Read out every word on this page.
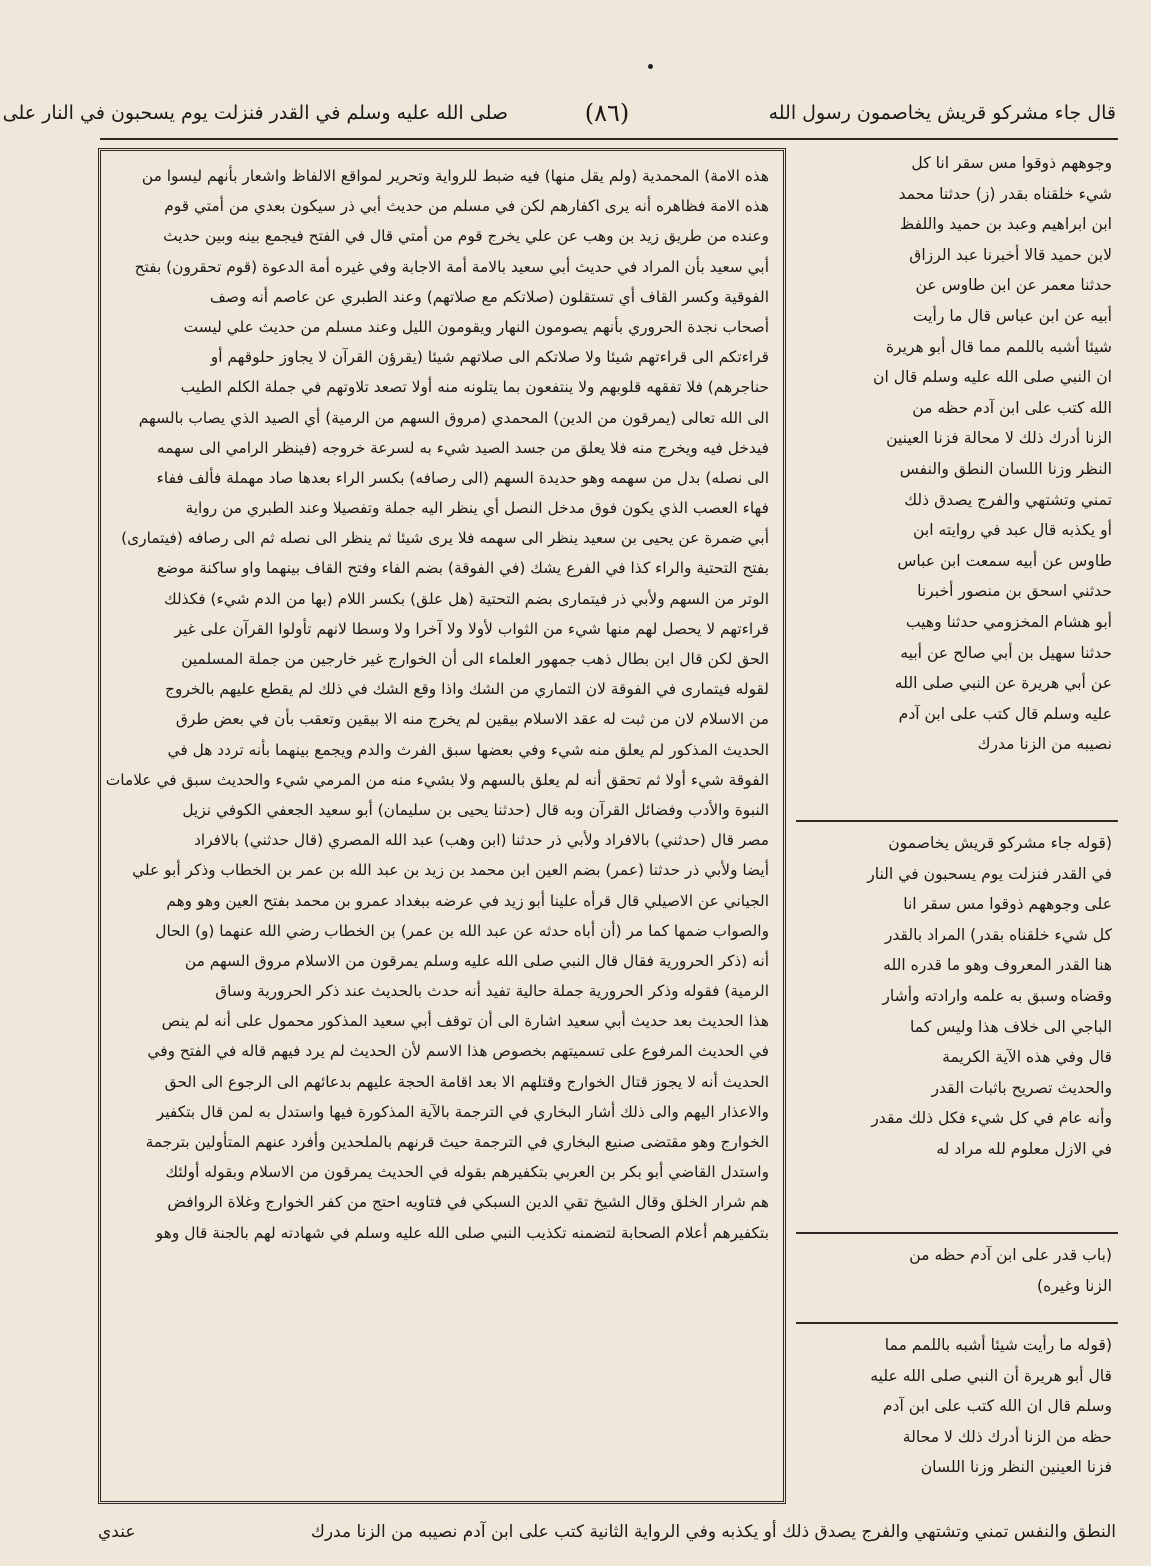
قال جاء مشركو قريش يخاصمون رسول الله
(٨٦)
صلى الله عليه وسلم في القدر فنزلت يوم يسحبون في النار على
هذه الامة) المحمدية (ولم يقل منها) فيه ضبط للرواية وتحرير لمواقع الالفاظ واشعار بأنهم ليسوا من
هذه الامة فظاهره أنه يرى اكفارهم لكن في مسلم من حديث أبي ذر سيكون بعدي من أمتي قوم
وعنده من طريق زيد بن وهب عن علي يخرج قوم من أمتي قال في الفتح فيجمع بينه وبين حديث
أبي سعيد بأن المراد في حديث أبي سعيد بالامة أمة الاجابة وفي غيره أمة الدعوة (قوم تحقرون) بفتح
الفوقية وكسر القاف أي تستقلون (صلاتكم مع صلاتهم) وعند الطبري عن عاصم أنه وصف
أصحاب نجدة الحروري بأنهم يصومون النهار ويقومون الليل وعند مسلم من حديث علي ليست
قراءتكم الى قراءتهم شيئا ولا صلاتكم الى صلاتهم شيئا (يقرؤن القرآن لا يجاوز حلوقهم أو
حناجرهم) فلا تفقهه قلوبهم ولا ينتفعون بما يتلونه منه أولا تصعد تلاوتهم في جملة الكلم الطيب
الى الله تعالى (يمرقون من الدين) المحمدي (مروق السهم من الرمية) أي الصيد الذي يصاب بالسهم
فيدخل فيه ويخرج منه فلا يعلق من جسد الصيد شيء به لسرعة خروجه (فينظر الرامي الى سهمه
الى نصله) بدل من سهمه وهو حديدة السهم (الى رصافه) بكسر الراء بعدها صاد مهملة فألف ففاء
فهاء العصب الذي يكون فوق مدخل النصل أي ينظر اليه جملة وتفصيلا وعند الطبري من رواية
أبي ضمرة عن يحيى بن سعيد ينظر الى سهمه فلا يرى شيئا ثم ينظر الى نصله ثم الى رصافه (فيتمارى)
بفتح التحتية والراء كذا في الفرع يشك (في الفوقة) بضم الفاء وفتح القاف بينهما واو ساكنة موضع
الوتر من السهم ولأبي ذر فيتمارى بضم التحتية (هل علق) بكسر اللام (بها من الدم شيء) فكذلك
قراءتهم لا يحصل لهم منها شيء من الثواب لأولا ولا آخرا ولا وسطا لانهم تأولوا القرآن على غير
الحق لكن قال ابن بطال ذهب جمهور العلماء الى أن الخوارج غير خارجين من جملة المسلمين
لقوله فيتمارى في الفوقة لان التماري من الشك واذا وقع الشك في ذلك لم يقطع عليهم بالخروج
من الاسلام لان من ثبت له عقد الاسلام بيقين لم يخرج منه الا بيقين وتعقب بأن في بعض طرق
الحديث المذكور لم يعلق منه شيء وفي بعضها سبق الفرث والدم ويجمع بينهما بأنه تردد هل في
الفوقة شيء أولا ثم تحقق أنه لم يعلق بالسهم ولا بشيء منه من المرمي شيء والحديث سبق في علامات
النبوة والأدب وفضائل القرآن وبه قال (حدثنا يحيى بن سليمان) أبو سعيد الجعفي الكوفي نزيل
مصر قال (حدثني) بالافراد ولأبي ذر حدثنا (ابن وهب) عبد الله المصري (قال حدثني) بالافراد
أيضا ولأبي ذر حدثنا (عمر) بضم العين ابن محمد بن زيد بن عبد الله بن عمر بن الخطاب وذكر أبو علي
الجياني عن الاصيلي قال قرأه علينا أبو زيد في عرضه ببغداد عمرو بن محمد بفتح العين وهو وهم
والصواب ضمها كما مر (أن أباه حدثه عن عبد الله بن عمر) بن الخطاب رضي الله عنهما (و) الحال
أنه (ذكر الحرورية فقال قال النبي صلى الله عليه وسلم يمرقون من الاسلام مروق السهم من
الرمية) فقوله وذكر الحرورية جملة حالية تفيد أنه حدث بالحديث عند ذكر الحرورية وساق
هذا الحديث بعد حديث أبي سعيد اشارة الى أن توقف أبي سعيد المذكور محمول على أنه لم ينص
في الحديث المرفوع على تسميتهم بخصوص هذا الاسم لأن الحديث لم يرد فيهم قاله في الفتح وفي
الحديث أنه لا يجوز قتال الخوارج وقتلهم الا بعد اقامة الحجة عليهم بدعائهم الى الرجوع الى الحق
والاعذار اليهم والى ذلك أشار البخاري في الترجمة بالآية المذكورة فيها واستدل به لمن قال بتكفير
الخوارج وهو مقتضى صنيع البخاري في الترجمة حيث قرنهم بالملحدين وأفرد عنهم المتأولين بترجمة
واستدل القاضي أبو بكر بن العربي بتكفيرهم بقوله في الحديث يمرقون من الاسلام وبقوله أولئك
هم شرار الخلق وقال الشيخ تقي الدين السبكي في فتاويه احتج من كفر الخوارج وغلاة الروافض
بتكفيرهم أعلام الصحابة لتضمنه تكذيب النبي صلى الله عليه وسلم في شهادته لهم بالجنة قال وهو
وجوههم ذوقوا مس سقر انا كل
شيء خلقناه بقدر (ز) حدثنا محمد
ابن ابراهيم وعبد بن حميد واللفظ
لابن حميد قالا أخبرنا عبد الرزاق
حدثنا معمر عن ابن طاوس عن
أبيه عن ابن عباس قال ما رأيت
شيئا أشبه باللمم مما قال أبو هريرة
ان النبي صلى الله عليه وسلم قال ان
الله كتب على ابن آدم حظه من
الزنا أدرك ذلك لا محالة فزنا العينين
النظر وزنا اللسان النطق والنفس
تمني وتشتهي والفرج يصدق ذلك
أو يكذبه قال عبد في روايته ابن
طاوس عن أبيه سمعت ابن عباس
حدثني اسحق بن منصور أخبرنا
أبو هشام المخزومي حدثنا وهيب
حدثنا سهيل بن أبي صالح عن أبيه
عن أبي هريرة عن النبي صلى الله
عليه وسلم قال كتب على ابن آدم
نصيبه من الزنا مدرك
(قوله جاء مشركو قريش يخاصمون
في القدر فنزلت يوم يسحبون في النار
على وجوههم ذوقوا مس سقر انا
كل شيء خلقناه بقدر) المراد بالقدر
هنا القدر المعروف وهو ما قدره الله
وقضاه وسبق به علمه وارادته وأشار
الباجي الى خلاف هذا وليس كما
قال وفي هذه الآية الكريمة
والحديث تصريح باثبات القدر
وأنه عام في كل شيء فكل ذلك مقدر
في الازل معلوم لله مراد له
(باب قدر على ابن آدم حظه من
الزنا وغيره)
(قوله ما رأيت شيئا أشبه باللمم مما
قال أبو هريرة أن النبي صلى الله عليه
وسلم قال ان الله كتب على ابن آدم
حظه من الزنا أدرك ذلك لا محالة
فزنا العينين النظر وزنا اللسان
النطق والنفس تمني وتشتهي والفرج يصدق ذلك أو يكذبه وفي الرواية الثانية كتب على ابن آدم نصيبه من الزنا مدرك
عندي
